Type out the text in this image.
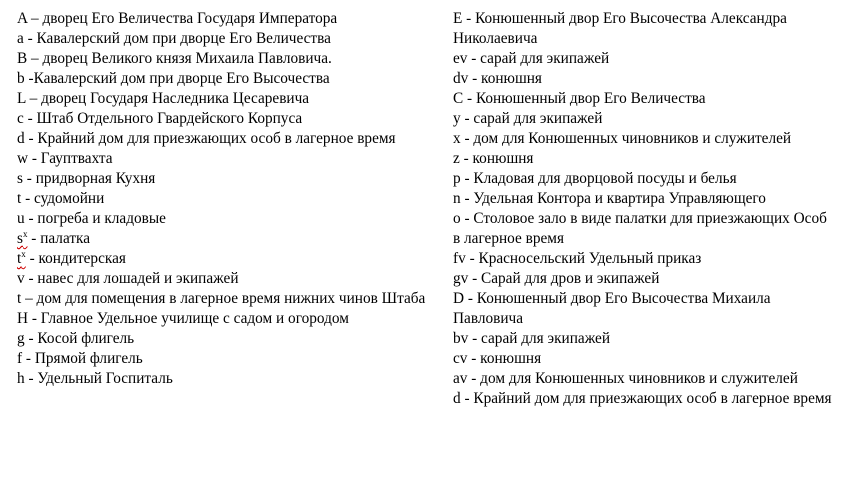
A – дворец Его Величества Государя Императора
a - Кавалерский дом при дворце Его Величества
B – дворец Великого князя Михаила Павловича.
b -Кавалерский дом при дворце Его Высочества
L – дворец Государя Наследника Цесаревича
c - Штаб Отдельного Гвардейского Корпуса
d - Крайний дом для приезжающих особ в лагерное время
w - Гауптвахта
s - придворная Кухня
t - судомойни
u - погреба и кладовые
$s^x$ - палатка
$t^x$ - кондитерская
v - навес для лошадей и экипажей
t – дом для помещения в лагерное время нижних чинов Штаба
H - Главное Удельное училище с садом и огородом
g - Косой флигель
f - Прямой флигель
h - Удельный Госпиталь
E - Конюшенный двор Его Высочества Александра Николаевича
ev - сарай для экипажей
dv - конюшня
C - Конюшенный двор Его Величества
y - сарай для экипажей
x - дом для Конюшенных чиновников и служителей
z - конюшня
p - Кладовая для дворцовой посуды и белья
n - Удельная Контора и квартира Управляющего
o - Столовое зало в виде палатки для приезжающих Особ в лагерное время
fv - Красносельский Удельный приказ
gv - Сарай для дров и экипажей
D - Конюшенный двор Его Высочества Михаила Павловича
bv - сарай для экипажей
cv - конюшня
av - дом для Конюшенных чиновников и служителей
d - Крайний дом для приезжающих особ в лагерное время
